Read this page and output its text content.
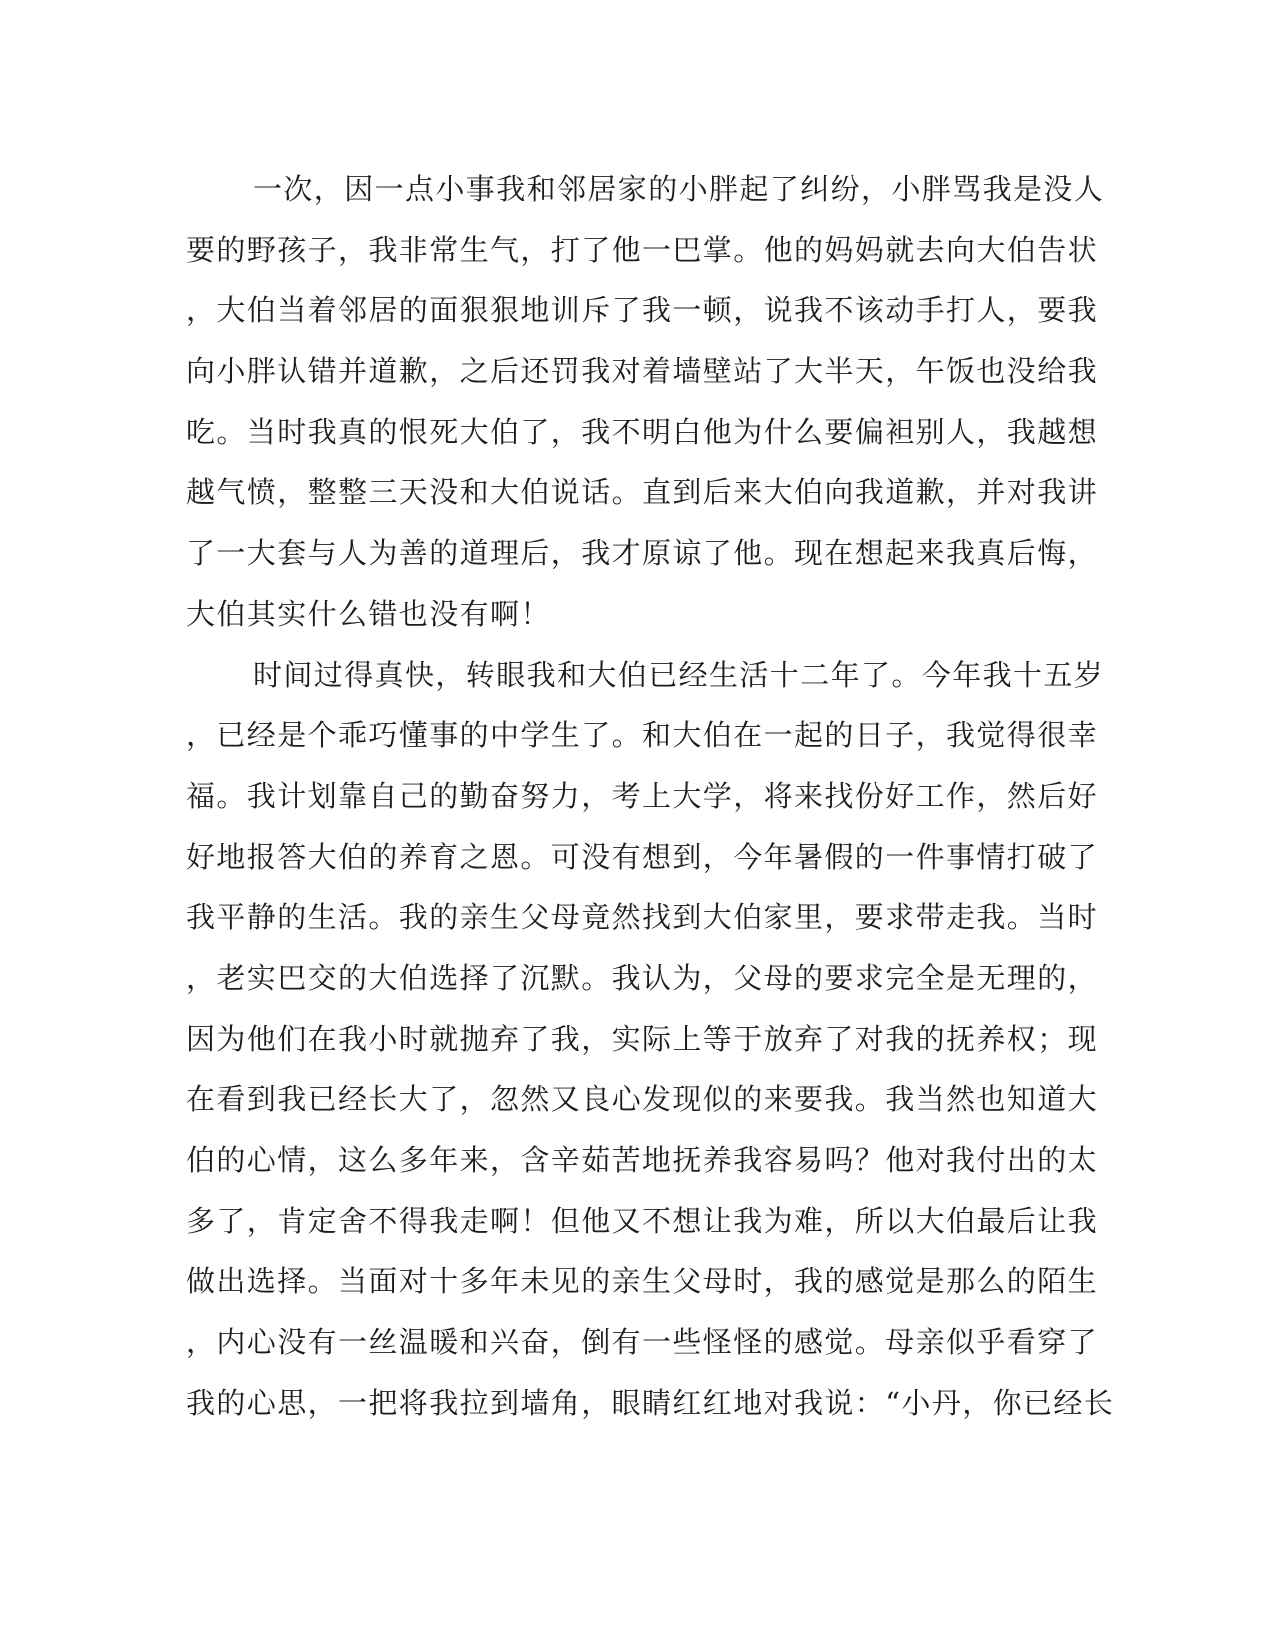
一次，因一点小事我和邻居家的小胖起了纠纷，小胖骂我是没人
要的野孩子，我非常生气，打了他一巴掌。他的妈妈就去向大伯告状
，大伯当着邻居的面狠狠地训斥了我一顿，说我不该动手打人，要我
向小胖认错并道歉，之后还罚我对着墙壁站了大半天，午饭也没给我
吃。当时我真的恨死大伯了，我不明白他为什么要偏袒别人，我越想
越气愤，整整三天没和大伯说话。直到后来大伯向我道歉，并对我讲
了一大套与人为善的道理后，我才原谅了他。现在想起来我真后悔，
大伯其实什么错也没有啊！
时间过得真快，转眼我和大伯已经生活十二年了。今年我十五岁
，已经是个乖巧懂事的中学生了。和大伯在一起的日子，我觉得很幸
福。我计划靠自己的勤奋努力，考上大学，将来找份好工作，然后好
好地报答大伯的养育之恩。可没有想到，今年暑假的一件事情打破了
我平静的生活。我的亲生父母竟然找到大伯家里，要求带走我。当时
，老实巴交的大伯选择了沉默。我认为，父母的要求完全是无理的，
因为他们在我小时就抛弃了我，实际上等于放弃了对我的抚养权；现
在看到我已经长大了，忽然又良心发现似的来要我。我当然也知道大
伯的心情，这么多年来，含辛茹苦地抚养我容易吗？他对我付出的太
多了，肯定舍不得我走啊！但他又不想让我为难，所以大伯最后让我
做出选择。当面对十多年未见的亲生父母时，我的感觉是那么的陌生
，内心没有一丝温暖和兴奋，倒有一些怪怪的感觉。母亲似乎看穿了
我的心思，一把将我拉到墙角，眼睛红红地对我说：“小丹，你已经长
